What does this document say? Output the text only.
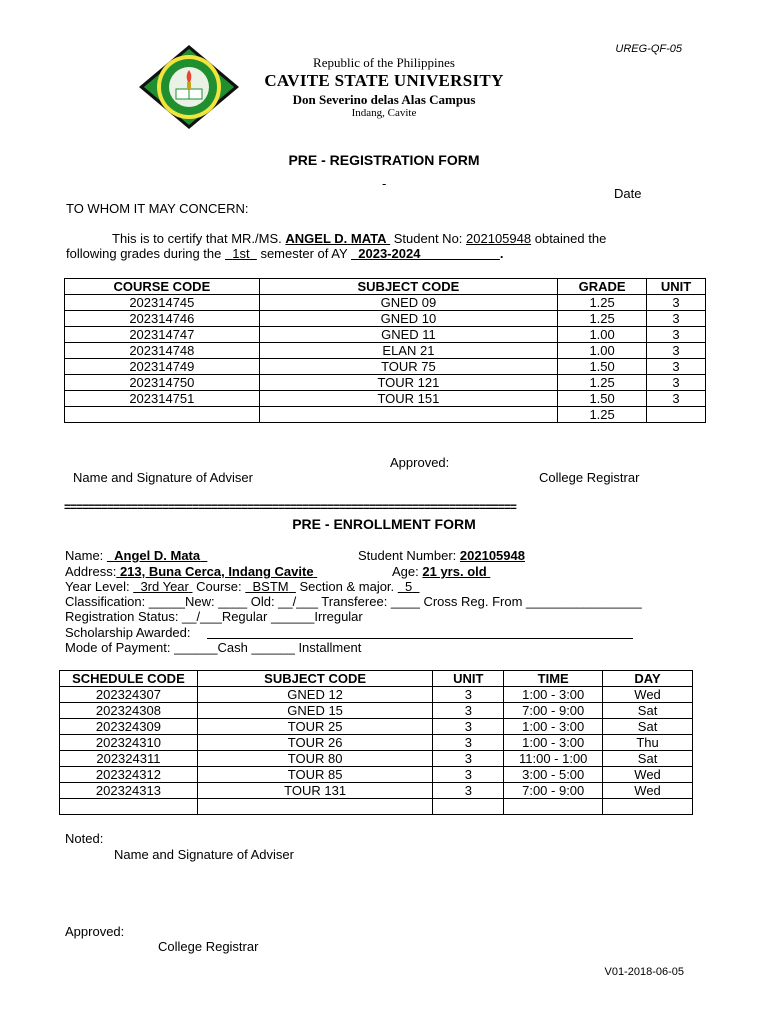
UREG-QF-05
Republic of the Philippines
CAVITE STATE UNIVERSITY
Don Severino delas Alas Campus
Indang, Cavite
PRE - REGISTRATION FORM
-
Date
TO WHOM IT MAY CONCERN:
This is to certify that MR./MS. ANGEL D. MATA Student No: 202105948 obtained the
following grades during the 1st semester of AY 2023-2024	.
COURSE CODE	SUBJECT CODE	GRADE	UNIT
202314745	GNED 09	1.25	3
202314746	GNED 10	1.25	3
202314747	GNED 11	1.00	3
202314748	ELAN 21	1.00	3
202314749	TOUR 75	1.50	3
202314750	TOUR 121	1.25	3
202314751	TOUR 151	1.50	3
		1.25	
Approved:
Name and Signature of Adviser	College Registrar
==========================================================================
PRE - ENROLLMENT FORM
Name: Angel D. Mata	Student Number: 202105948
Address: 213, Buna Cerca, Indang Cavite	Age: 21 yrs. old
Year Level: 3rd Year Course: BSTM Section & major. 5
Classification: _____New: ____ Old: __/___ Transferee: ____ Cross Reg. From ________________
Registration Status: __/___Regular ______Irregular
Scholarship Awarded:
Mode of Payment: ______Cash ______ Installment
SCHEDULE CODE	SUBJECT CODE	UNIT	TIME	DAY
202324307	GNED 12	3	1:00 - 3:00	Wed
202324308	GNED 15	3	7:00 - 9:00	Sat
202324309	TOUR 25	3	1:00 - 3:00	Sat
202324310	TOUR 26	3	1:00 - 3:00	Thu
202324311	TOUR 80	3	11:00 - 1:00	Sat
202324312	TOUR 85	3	3:00 - 5:00	Wed
202324313	TOUR 131	3	7:00 - 9:00	Wed

Noted:
Name and Signature of Adviser
Approved:
College Registrar
V01-2018-06-05
